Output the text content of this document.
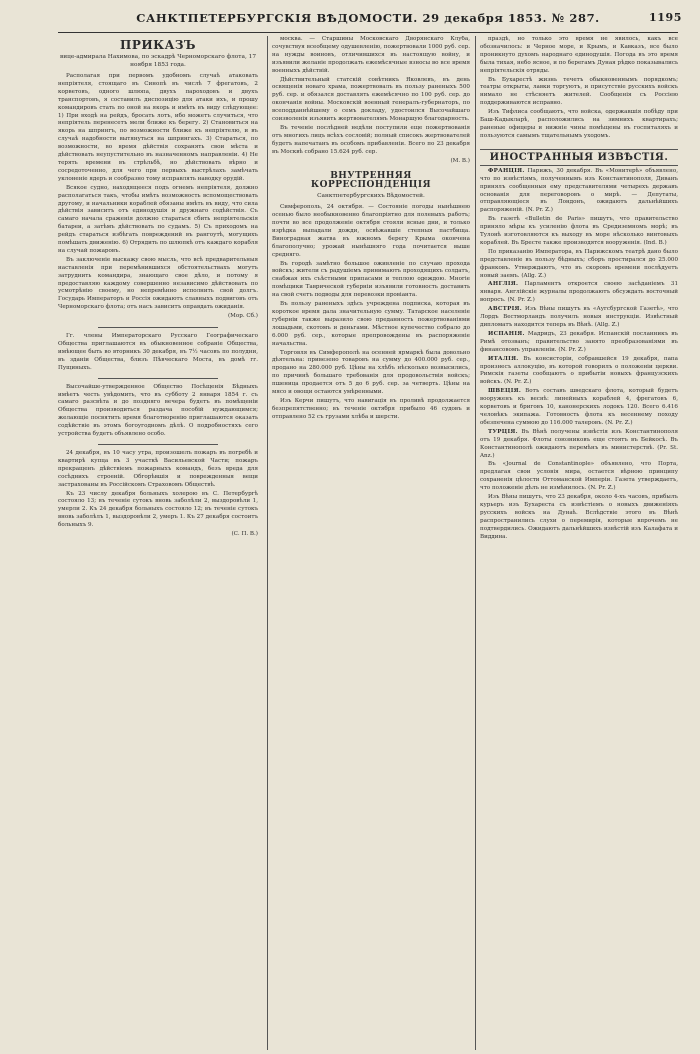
САНКТПЕТЕРБУРГСКІЯ ВѢДОМОСТИ. 29 декабря 1853. № 287.	1195
ПРИКАЗЪ
вице-адмирала Нахимова, по эскадрѣ Черноморскаго флота, 17 ноября 1853 года.

Располагая при первомъ удобномъ случаѣ атаковать непріятеля, стоящаго въ Синопѣ въ числѣ 7 фрегатовъ, 2 корветовъ, одного шлюпа, двухъ пароходовъ и двухъ транспортовъ, я составилъ диспозицію для атаки ихъ, и прошу командировъ стать по оной на якорь и имѣть въ виду слѣдующее: 1) При входѣ на рейдъ, бросать лотъ, ибо можетъ случиться, что непріятель перенесетъ мели ближе къ берегу. 2) Становиться на якорь на шпрингъ, по возможности ближе къ непріятелю, и въ случаѣ надобности вытянуться на шпрингахъ. 3) Стараться, по возможности, во время дѣйствія сохранять свои мѣста и дѣйствовать неупустительно въ назначенномъ направленіи. 4) Не терять времени въ стрѣльбѣ, но дѣйствовать вѣрно и сосредоточенно, для чего при первыхъ выстрѣлахъ замѣчать уклоненіе ядеръ и сообразно тому исправлять наводку орудій.

Всякое судно, находящееся подъ огнемъ непріятеля, должно располагаться такъ, чтобы имѣть возможность вспомоществовать другому, и начальники кораблей обязаны имѣть въ виду, что сила дѣйствія зависитъ отъ единодушія и дружнаго содѣйствія. Съ самаго начала сраженія должно стараться сбить непріятельскія батареи, а затѣмъ дѣйствовать по судамъ. 5) Съ приходомъ на рейдъ стараться избѣгать повреждений въ рангоутѣ, могущихъ помѣшать движенію. 6) Отрядить по шлюпкѣ отъ каждаго корабля на случай пожаровъ.

Въ заключеніе выскажу свою мысль, что всѣ предварительныя наставленія при перемѣнившихся обстоятельствахъ могутъ затруднить командира, знающаго свое дѣло, и потому я предоставляю каждому совершенно независимо дѣйствовать по усмотрѣнію своему, но непремѣнно исполнить свой долгъ. Государь Императоръ и Россія ожидаютъ славныхъ подвиговъ отъ Черноморскаго флота; отъ насъ зависитъ оправдать ожиданія.

(Мор. Сб.)

Гг. члены Императорскаго Русскаго Географическаго Общества приглашаются въ обыкновенное собраніе Общества, имѣющее быть во вторникъ 30 декабря, въ 7½ часовъ по полудни, въ зданіи Общества, близъ Пѣвческаго Моста, въ домѣ гг. Пущиныхъ.

Высочайше-утвержденное Общество Посѣщенія Бѣдныхъ имѣетъ честь увѣдомить, что въ субботу 2 января 1854 г. съ самаго разсвѣта и до поздняго вечера будетъ въ помѣщеніи Общества производиться раздача пособій нуждающимся; желающіе посвятить время благотворенію приглашаются оказать содѣйствіе въ этомъ богоугодномъ дѣлѣ. О подробностяхъ сего устройства будетъ объявлено особо.

24 декабря, въ 10 часу утра, произошелъ пожаръ въ погребѣ и квартирѣ купца въ 3 участкѣ Васильевской Части; пожаръ прекращенъ дѣйствіемъ пожарныхъ командъ, безъ вреда для сосѣднихъ строеній. Обгорѣвшія и поврежденныя вещи застрахованы въ Россійскомъ Страховомъ Обществѣ.

Къ 23 числу декабря больныхъ холерою въ С. Петербургѣ состояло 13; въ теченіе сутокъ вновь заболѣли 2, выздоровѣли 1, умерли 2. Къ 24 декабря больныхъ состояло 12; въ теченіе сутокъ вновь заболѣлъ 1, выздоровѣли 2, умеръ 1. Къ 27 декабря состоитъ больныхъ 9.

(С. П. В.)

москва. — Старшины Московскаго Дворянскаго Клуба, сочувствуя всеобщему одушевленію, пожертвовали 1000 руб. сер. на нужды воиновъ, отличившихся въ настоящую войну, и изъявили желаніе продолжать ежемѣсячные взносы во все время военныхъ дѣйствій.

Дѣйствительный статскій совѣтникъ Яковлевъ, въ день освященія новаго храма, пожертвовалъ въ пользу раненыхъ 500 руб. сер. и обязался доставлять ежемѣсячно по 100 руб. сер. до окончанія войны. Московскій военный генералъ-губернаторъ, по всеподданнѣйшему о семъ докладу, удостоился Высочайшаго соизволенія изъявить жертвователямъ Монаршую благодарность.

Въ теченіе послѣдней недѣли поступили еще пожертвованія отъ многихъ лицъ всѣхъ сословій; полный списокъ жертвователей будетъ напечатанъ въ особомъ прибавленіи. Всего по 23 декабря въ Москвѣ собрано 15.624 руб. сер.

(М. В.)

ВНУТРЕННЯЯ КОРРЕСПОНДЕНЦІЯ
Санктпетербургскихъ Вѣдомостей.

Симферополь, 24 октября. — Состояніе погоды нынѣшнею осенью было необыкновенно благопріятно для полевыхъ работъ; почти во все продолженіе октября стояли ясные дни, и только изрѣдка выпадали дожди, освѣжавшіе степныя пастбища. Виноградная жатва въ южномъ берегу Крыма окончена благополучно; урожай нынѣшняго года почитается выше средняго.

Въ городѣ замѣтно большое оживленіе по случаю прохода войскъ; жители съ радушіемъ принимаютъ проходящихъ солдатъ, снабжая ихъ съѣстными припасами и теплою одеждою. Многіе помѣщики Таврической губерніи изъявили готовность доставить на свой счетъ подводы для перевозки провіанта.

Въ пользу раненыхъ здѣсь учреждена подписка, которая въ короткое время дала значительную сумму. Татарское населеніе губерніи также выразило свою преданность пожертвованіями лошадьми, скотомъ и деньгами. Мѣстное купечество собрало до 6.000 руб. сер., которые препровождены въ распоряженіе начальства.

Торговля въ Симферополѣ на осенней ярмаркѣ была довольно дѣятельна: привезено товаровъ на сумму до 400.000 руб. сер., продано на 280.000 руб. Цѣны на хлѣбъ нѣсколько возвысились, по причинѣ большаго требованія для продовольствія войскъ; пшеница продается отъ 5 до 6 руб. сер. за четверть. Цѣны на мясо и овощи остаются умѣренными.

Изъ Керчи пишутъ, что навигація въ проливѣ продолжается безпрепятственно; въ теченіе октября прибыло 46 судовъ и отправлено 52 съ грузами хлѣба и шерсти.

праздѣ, но только это время не явилось, какъ все обозначилось: и Черное море, и Крымъ, и Кавказъ, все было проникнуто духомъ народнаго единодушія. Погода въ это время была тихая, небо ясное, и по берегамъ Дуная рѣдко показывались непріятельскія отряды.

Въ Бухарестѣ жизнь течетъ обыкновеннымъ порядкомъ; театры открыты, лавки торгуютъ, и присутствіе русскихъ войскъ нимало не стѣсняетъ жителей. Сообщенія съ Россіею поддерживаются исправно.

Изъ Тифлиса сообщаютъ, что войска, одержавшія побѣду при Баш-Кадыкларѣ, расположились на зимнихъ квартирахъ; раненые офицеры и нижніе чины помѣщены въ госпиталяхъ и пользуются самымъ тщательнымъ уходомъ.

ИНОСТРАННЫЯ ИЗВѢСТІЯ.

ФРАНЦІЯ. Парижъ, 30 декабря. Въ «Монитерѣ» объявлено, что по извѣстіямъ, полученнымъ изъ Константинополя, Диванъ принялъ сообщенныя ему представителями четырехъ державъ основанія для переговоровъ о мирѣ. — Депутаты, отправляющіеся въ Лондонъ, ожидаютъ дальнѣйшихъ распоряженій. (N. Pr. Z.)

Въ газетѣ «Bulletin de Paris» пишутъ, что правительство приняло мѣры къ усиленію флота въ Средиземномъ морѣ; въ Тулонѣ изготовляются къ выходу въ море нѣсколько винтовыхъ кораблей. Въ Бресте также производятся вооруженія. (Ind. B.)

По приказанію Императора, въ Парижскомъ театрѣ дано было представленіе въ пользу бѣдныхъ; сборъ простирался до 25.000 франковъ. Утверждаютъ, что въ скоромъ времени послѣдуетъ новый заемъ. (Allg. Z.)

АНГЛІЯ. Парламентъ откроется своею засѣданіемъ 31 января. Англійскіе журналы продолжаютъ обсуждать восточный вопросъ. (N. Pr. Z.)

АВСТРІЯ. Изъ Вѣны пишутъ въ «Аугсбургской Газетѣ», что Лордъ Вестморландъ получилъ новыя инструкціи. Извѣстный дипломатъ находится теперь въ Вѣнѣ. (Allg. Z.)

ИСПАНІЯ. Мадридъ, 23 декабря. Испанскій посланникъ въ Римѣ отозванъ; правительство занято преобразованіями въ финансовомъ управленіи. (N. Pr. Z.)

ИТАЛІЯ. Въ консисторіи, собравшейся 19 декабря, папа произнесъ аллокуцію, въ которой говорилъ о положеніи церкви. Римскія газеты сообщаютъ о прибытіи новыхъ французскихъ войскъ. (N. Pr. Z.)

ШВЕЦІЯ. Вотъ составъ шведскаго флота, который будетъ вооруженъ къ веснѣ: линейныхъ кораблей 4, фрегатовъ 6, корветовъ и бриговъ 10, канонерскихъ лодокъ 120. Всего 6.416 человѣкъ экипажа. Готовность флота къ весеннему походу обезпечена суммою до 116.000 талеровъ. (N. Pr. Z.)

ТУРЦІЯ. Въ Вѣнѣ получены извѣстія изъ Константинополя отъ 19 декабря. Флоты союзниковъ еще стоятъ въ Бейкосѣ. Въ Константинополѣ ожидаютъ перемѣнъ въ министерствѣ. (Pr. St. Anz.)

Въ «Journal de Constantinople» объявлено, что Порта, предлагая свои условія мира, остается вѣрною принципу сохраненія цѣлости Оттоманской Имперіи. Газета утверждаетъ, что положеніе дѣлъ не измѣнилось. (N. Pr. Z.)

Изъ Вѣны пишутъ, что 23 декабря, около 4-хъ часовъ, прибылъ курьеръ изъ Бухареста съ извѣстіемъ о новыхъ движеніяхъ русскихъ войскъ на Дунаѣ. Вслѣдствіе этого въ Вѣнѣ распространились слухи о перемирія, которые впрочемъ не подтвердились. Ожидаютъ дальнѣйшихъ извѣстій изъ Калафата и Виддина.
